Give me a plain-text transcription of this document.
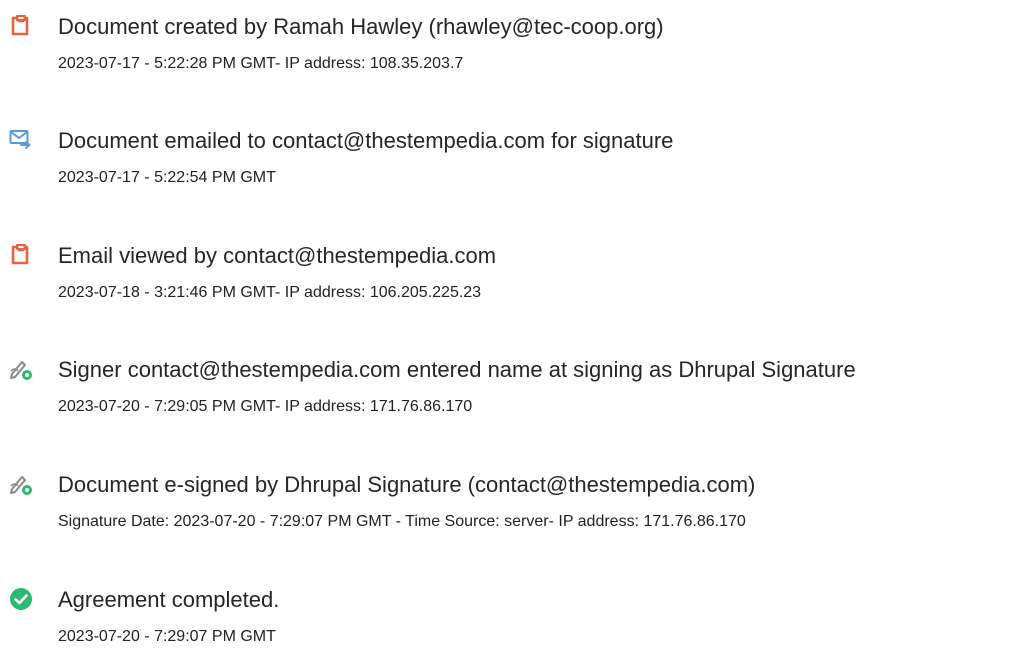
Document created by Ramah Hawley (rhawley@tec-coop.org)
2023-07-17 - 5:22:28 PM GMT- IP address: 108.35.203.7
Document emailed to contact@thestempedia.com for signature
2023-07-17 - 5:22:54 PM GMT
Email viewed by contact@thestempedia.com
2023-07-18 - 3:21:46 PM GMT- IP address: 106.205.225.23
Signer contact@thestempedia.com entered name at signing as Dhrupal Signature
2023-07-20 - 7:29:05 PM GMT- IP address: 171.76.86.170
Document e-signed by Dhrupal Signature (contact@thestempedia.com)
Signature Date: 2023-07-20 - 7:29:07 PM GMT - Time Source: server- IP address: 171.76.86.170
Agreement completed.
2023-07-20 - 7:29:07 PM GMT
